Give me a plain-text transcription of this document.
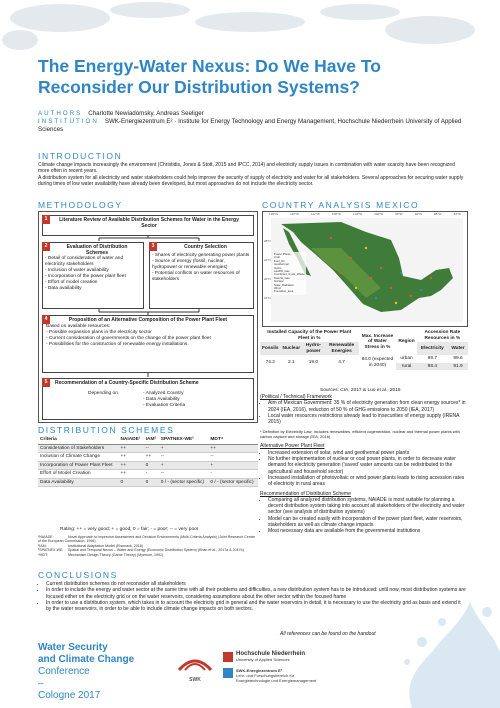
The Energy-Water Nexus: Do We Have To Reconsider Our Distribution Systems?
AUTHORS Charlotte Newiadomsky, Andreas Seeliger
INSTITUTION SWK-Energiezentrum E² · Institute for Energy Technology and Energy Management, Hochschule Niederrhein University of Applied Sciences
INTRODUCTION
Climate change impacts increasingly the environment (Christidis, Jones & Stott, 2015 and IPCC, 2014) and electricity supply issues in combination with water scarcity have been recognized more often in recent years.
A distribution system for all electricity and water stakeholders could help improve the security of supply of electricity and water for all stakeholders. Several approaches for securing water supply during times of low water availability have already been developed, but most approaches do not include the electricity sector.
METHODOLOGY
1	Literature Review of Available Distribution Schemes for Water in the Energy Sector
2	Evaluation of Distribution Schemes
- Detail of consideration of water and electricity stakeholders
- Inclusion of water availability
- Incorporation of the power plant fleet
- Effort of model creation
- Data availability
3	Country Selection
- Shares of electricity generating power plants
- Source of energy (fossil, nuclear, hydropower or renewable energies)
- Potential conflicts on water resources of stakeholders
4	Proposition of an Alternative Composition of the Power Plant Fleet
Based on available resources:
- Possible expansion plans in the electricity sector
- Current consideration of governments on the change of the power plant fleet
- Possibilities for the construction of renewable energy installations.
5	Recommendation of a Country-Specific Distribution Scheme
Depending on	- Analyzed Country
- Data Availability
- Evaluation Criteria
DISTRIBUTION SCHEMES
Criteria	NAIADE¹	IAM²	SPATNEX-WE³	MDT⁴
Consideration of Stakeholders	++	--	+	++
Inclusion of Climate Change	++	++	--	--
Incorporation of Power Plant Fleet	++	0	+	+
Effort of Model Creation	++	-	--	-
Data Availability	0	0	0 / - (sector specific)	0 / - (sector specific)
Rating: ++ = very good; + = good; 0 = fair; - = poor; -- = very poor
¹NAIADE:	Novel Approach to Imprecise Assessment and Decision Environments (Multi-Criteria Analysis) (Joint Research Centre of the European Commission, 1996)
²IAM:	Institutional Adaptation Model (Eisenack, 2016)
³SPATNEX-WE: Spatial and Temporal Nexus – Water and Energy (Economic Distribution System) (Khan et al., 2017a & 2017b)
⁴MDT:	Mechanism Design Theory (Game Theory) (Myerson, 1991)
COUNTRY ANALYSIS MEXICO
120°W	116°W	112°W	108°W	104°W	100°W	96°W	92°W	88°W	84°W
28°N
24°N
20°N
16°N
Power Plants
Coal
Fuel_Oil
Geothermal
Hydro
Landfill_Gas
Combined_Cycle_Waste
Natural_Gas
Nuclear
Solar_Radiation
Wind
Transition_area
Installed Capacity of the Power Plant Fleet in %				Max. Increase of Water Stress in %	Region	Accession Rate Resources in %	
Fossils	Nuclear	Hydro-power	Renewable Energies			Electricity	Water
74.2	2.1	19.0	4.7	84.0 (expected in 2040)	urban	99.7	99.6
					rural	98.4	91.9
Sources: CIA, 2017 & Luo et al., 2015
(Political / Technical) Framework
• Aim of Mexican Government: 35 % of electricity generation from clean energy sources* in 2024 (IEA, 2016), reduction of 50 % of GHG emissions to 2050 (IEA, 2017)
• Local water resources restrictions already lead to insecurities of energy supply (IRENA 2015)
* Definition by Electricity Law: Includes renewables, efficient cogeneration, nuclear and thermal power plants with carbon capture and storage (IEA, 2016)
Alternative Power Plant Fleet
• Increased extension of solar, wind and geothermal power plants
• No further implementation of nuclear or coal power plants, in order to decrease water demand for electricity generation ('saved' water amounts can be redistributed to the agricultural and household sector)
• Increased installation of photovoltaic or wind power plants leads to rising accession rates of electricity in rural areas
Recommendation of Distribution Scheme
• Comparing all analyzed distribution systems, NAIADE is most suitable for planning a decent distribution system taking into account all stakeholders of the electricity and water sector (see analysis of distribution systems)
• Model can be created easily with incorporation of the power plant fleet, water reservoirs, stakeholders as well as climate change impacts
• Most necessary data are available from the governmental institutions
CONCLUSIONS
• Current distribution schemes do not reconsider all stakeholders
• In order to include the energy and water sector at the same time with all their problems and difficulties, a new distribution system has to be introduced: until now, most distribution systems are focused either on the electricity grid or on the water reservoirs, considering assumptions about the other sector within the focused frame
• In order to use a distribution system, which takes in to account the electricity grid in general and the water reservoirs in detail, it is necessary to use the electricity grid as basis and extend it by the water reservoirs, in order to be able to include climate change impacts on both sectors.
All references can be found on the handout
Water Security
and Climate Change
Conference
–
Cologne 2017
SWK
Hochschule Niederrhein
University of Applied Sciences
SWK-Energiezentrum E²
Lehr- und Forschungsbereich für
Energietechnologie und Energiemanagement
